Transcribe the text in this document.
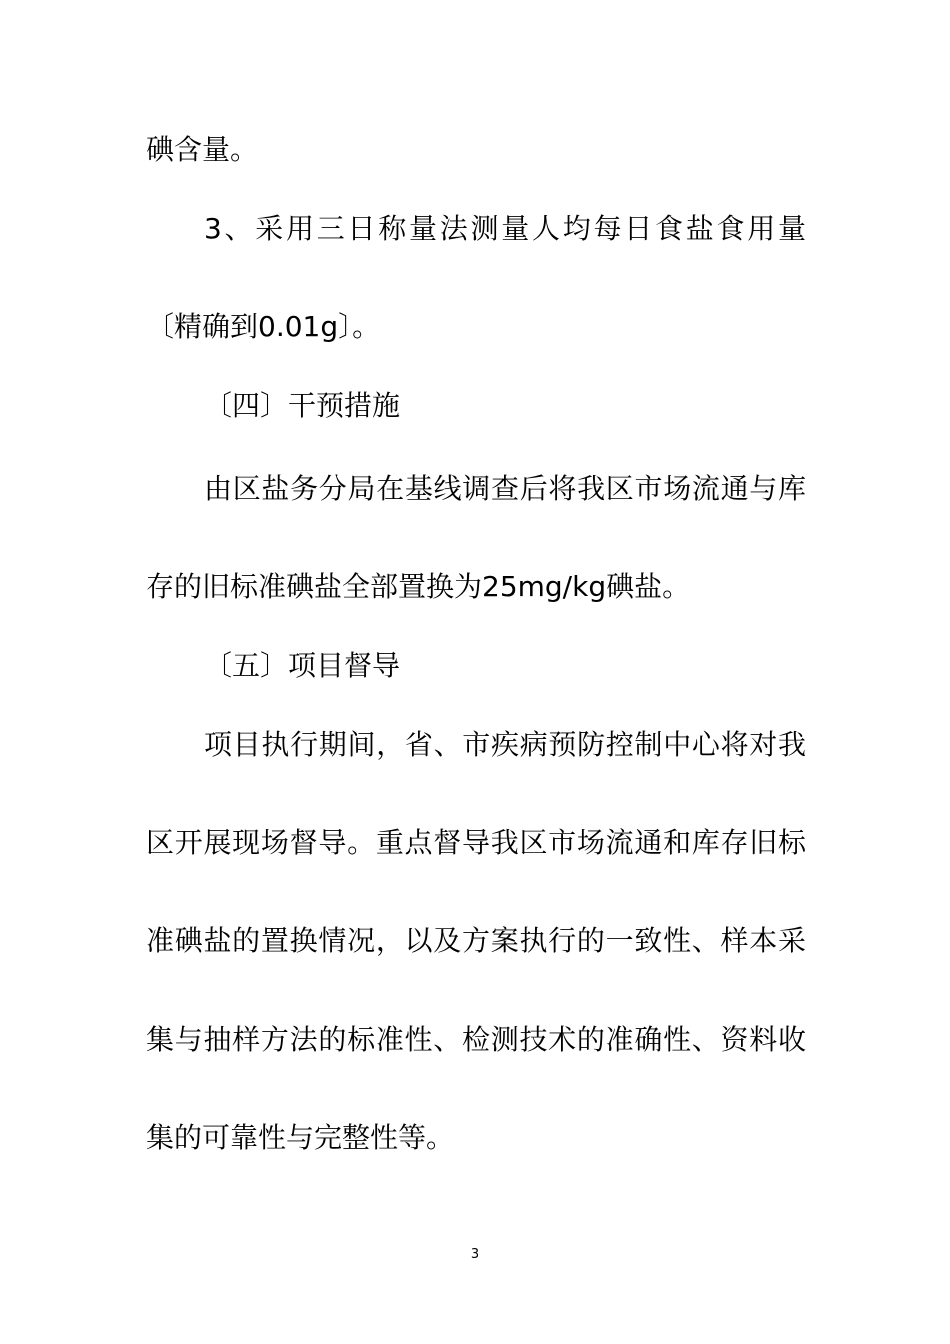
碘含量。
3、采用三日称量法测量人均每日食盐食用量
〔精确到0.01g〕。
〔四〕干预措施
由区盐务分局在基线调查后将我区市场流通与库
存的旧标准碘盐全部置换为25mg/kg碘盐。
〔五〕项目督导
项目执行期间，省、市疾病预防控制中心将对我
区开展现场督导。重点督导我区市场流通和库存旧标
准碘盐的置换情况，以及方案执行的一致性、样本采
集与抽样方法的标准性、检测技术的准确性、资料收
集的可靠性与完整性等。
3
